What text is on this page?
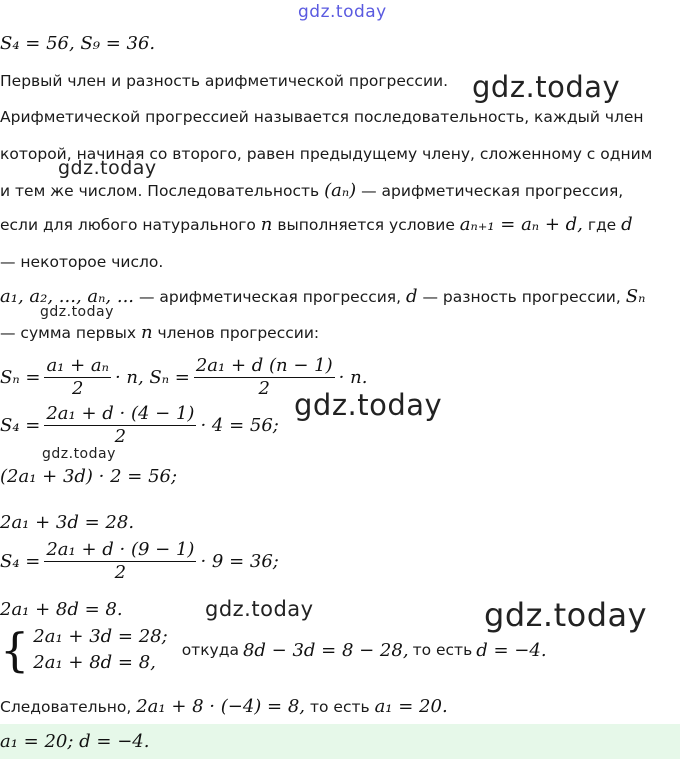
gdz.today
gdz.today
gdz.today
gdz.today
gdz.today
gdz.today
gdz.today	gdz.today
S₄ = 56, S₉ = 36.
Первый член и разность арифметической прогрессии.
Арифметической прогрессией называется последовательность, каждый член
которой, начиная со второго, равен предыдущему члену, сложенному с одним
и тем же числом. Последовательность (aₙ) — арифметическая прогрессия,
если для любого натурального n выполняется условие aₙ₊₁ = aₙ + d, где d
— некоторое число.
a₁, a₂, ..., aₙ, ... — арифметическая прогрессия, d — разность прогрессии, Sₙ
— сумма первых n членов прогрессии:
$S_n = \frac{\text{a₁ + aₙ}}{2} \cdot n$, $S_n = \frac{\text{2a₁ + d (n − 1)}}{2} \cdot n$.
$S_4 = \frac{\text{2a₁ + d · (4 − 1)}}{2} \cdot 4 = 56$;
(2a₁ + 3d) · 2 = 56;
2a₁ + 3d = 28.
$S_4 = \frac{\text{2a₁ + d · (9 − 1)}}{2} \cdot 9 = 36$;
2a₁ + 8d = 8.
{ 2a₁ + 3d = 28;
2a₁ + 8d = 8,
откуда 8d − 3d = 8 − 28, то есть d = −4.
Следовательно, 2a₁ + 8 · (−4) = 8, то есть a₁ = 20.
a₁ = 20; d = −4.
